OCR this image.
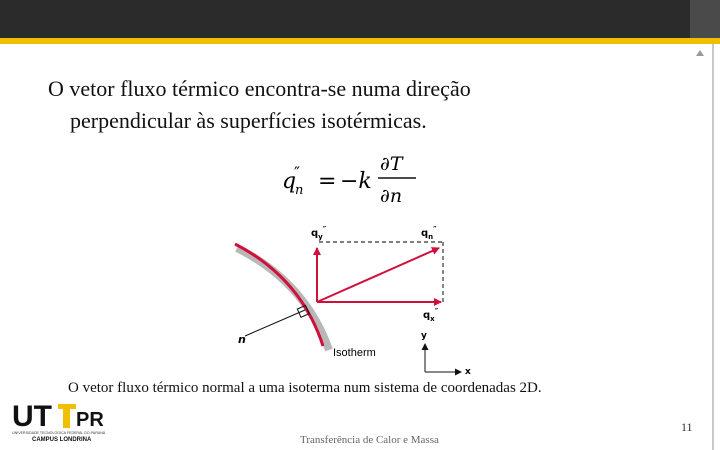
O vetor fluxo térmico encontra-se numa direção
perpendicular às superfícies isotérmicas.
q
″
n = −k
∂T
∂n
$q_y''$	$q_n''$
$q_x''$
n
Isotherm
y
x
O vetor fluxo térmico normal a uma isoterma num sistema de coordenadas 2D.
UT PR
UNIVERSIDADE TECNOLÓGICA FEDERAL DO PARANÁ
CAMPUS LONDRINA	Transferência de Calor e Massa
11
